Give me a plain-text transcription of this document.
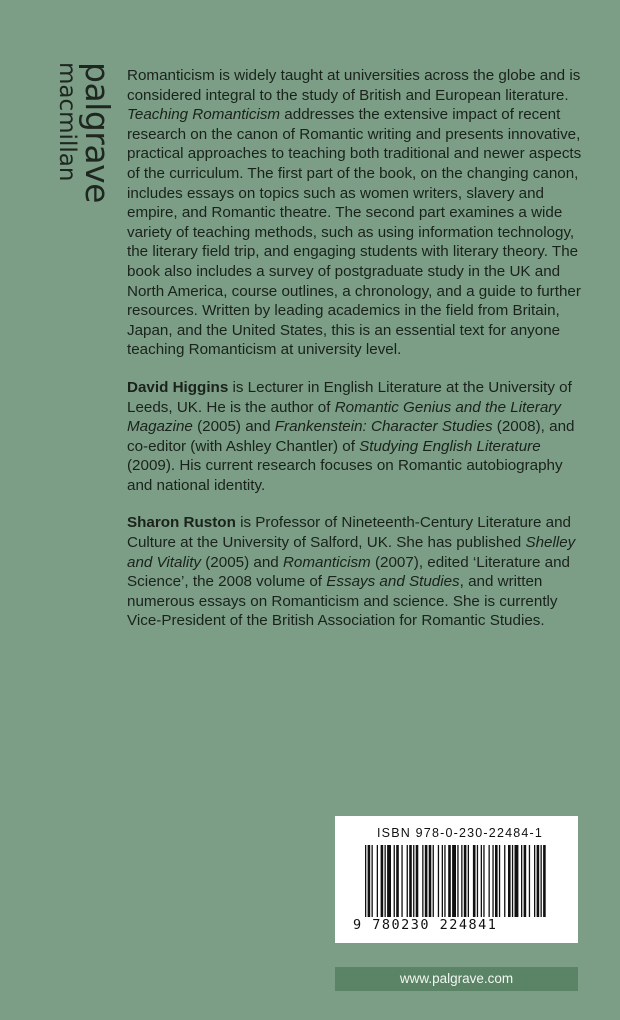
palgrave
macmillan	Romanticism is widely taught at universities across the globe and is considered integral to the study of British and European literature. Teaching Romanticism addresses the extensive impact of recent research on the canon of Romantic writing and presents innovative, practical approaches to teaching both traditional and newer aspects of the curriculum. The first part of the book, on the changing canon, includes essays on topics such as women writers, slavery and empire, and Romantic theatre. The second part examines a wide variety of teaching methods, such as using information technology, the literary field trip, and engaging students with literary theory. The book also includes a survey of postgraduate study in the UK and North America, course outlines, a chronology, and a guide to further resources. Written by leading academics in the field from Britain, Japan, and the United States, this is an essential text for anyone teaching Romanticism at university level.

David Higgins is Lecturer in English Literature at the University of Leeds, UK. He is the author of Romantic Genius and the Literary Magazine (2005) and Frankenstein: Character Studies (2008), and co-editor (with Ashley Chantler) of Studying English Literature (2009). His current research focuses on Romantic autobiography and national identity.

Sharon Ruston is Professor of Nineteenth-Century Literature and Culture at the University of Salford, UK. She has published Shelley and Vitality (2005) and Romanticism (2007), edited ‘Literature and Science’, the 2008 volume of Essays and Studies, and written numerous essays on Romanticism and science. She is currently Vice-President of the British Association for Romantic Studies.

ISBN 978-0-230-22484-1
9 780230 224841
www.palgrave.com
